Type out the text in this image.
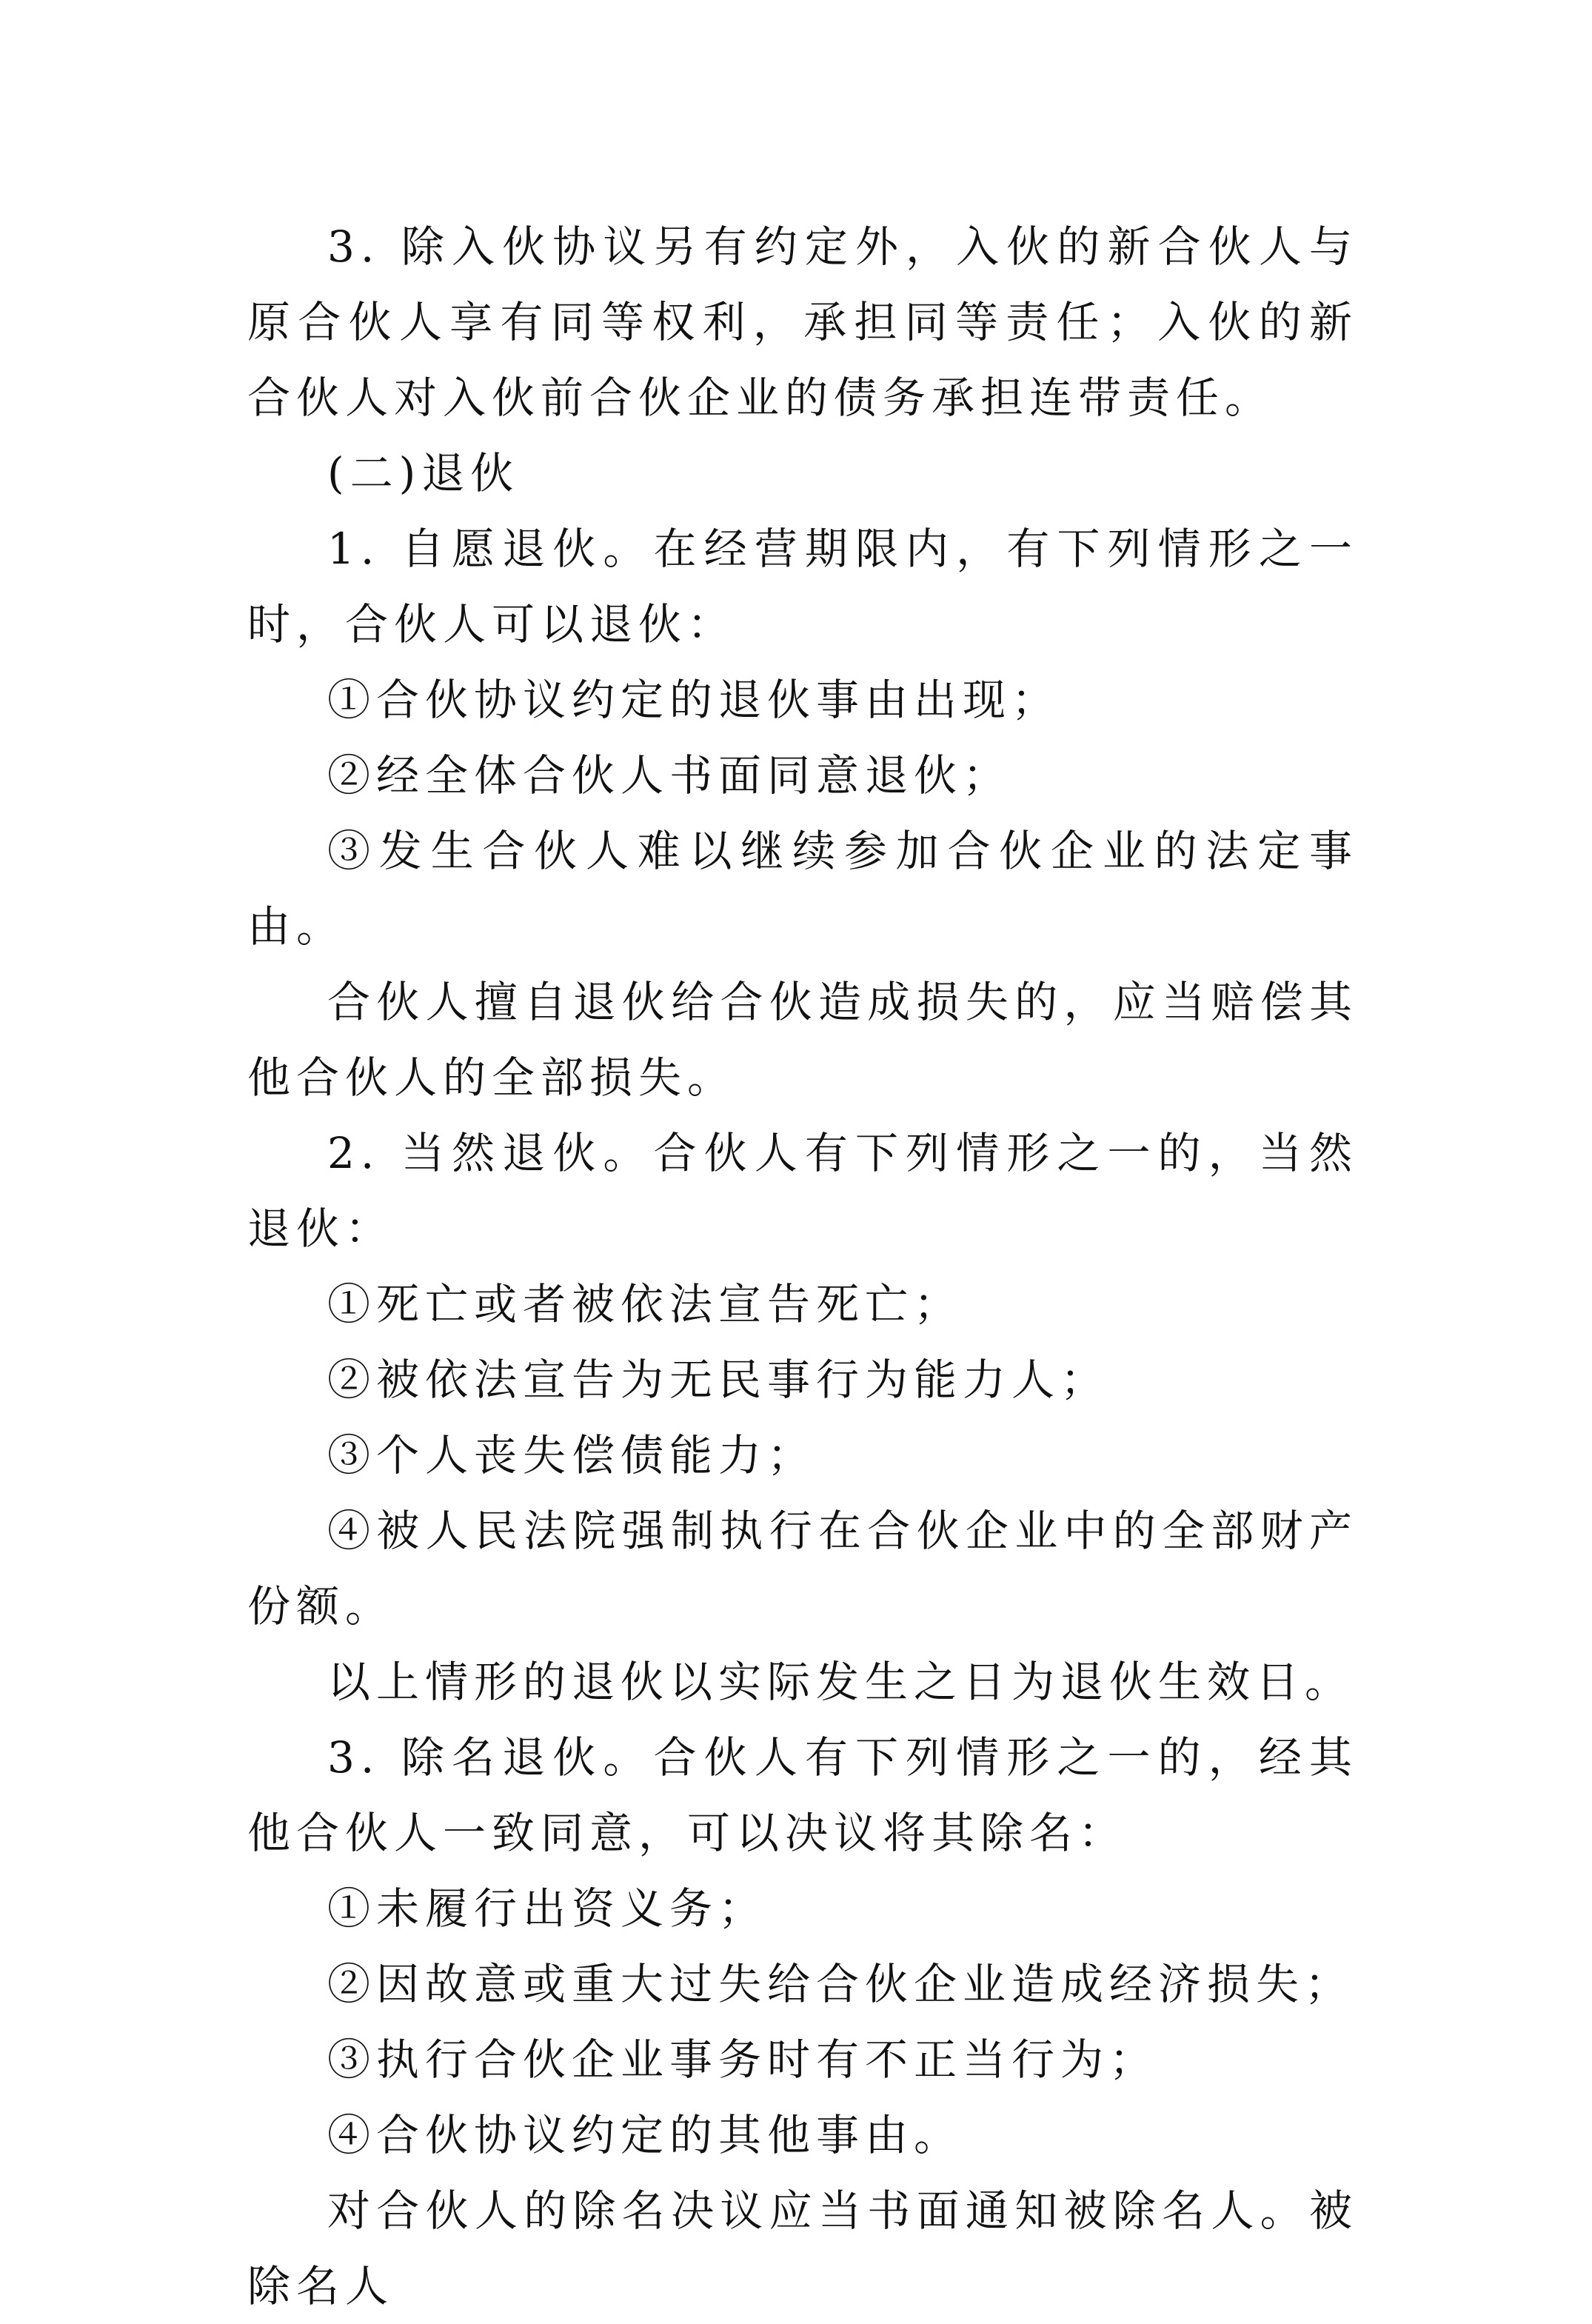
3. 除入伙协议另有约定外，入伙的新合伙人与原合伙人享有同等权利，承担同等责任；入伙的新合伙人对入伙前合伙企业的债务承担连带责任。

(二)退伙

1. 自愿退伙。在经营期限内，有下列情形之一时，合伙人可以退伙：

①合伙协议约定的退伙事由出现；

②经全体合伙人书面同意退伙；

③发生合伙人难以继续参加合伙企业的法定事由。

合伙人擅自退伙给合伙造成损失的，应当赔偿其他合伙人的全部损失。

2. 当然退伙。合伙人有下列情形之一的，当然退伙：

①死亡或者被依法宣告死亡；

②被依法宣告为无民事行为能力人；

③个人丧失偿债能力；

④被人民法院强制执行在合伙企业中的全部财产份额。

以上情形的退伙以实际发生之日为退伙生效日。

3. 除名退伙。合伙人有下列情形之一的，经其他合伙人一致同意，可以决议将其除名：

①未履行出资义务；

②因故意或重大过失给合伙企业造成经济损失；

③执行合伙企业事务时有不正当行为；

④合伙协议约定的其他事由。

对合伙人的除名决议应当书面通知被除名人。被除名人
